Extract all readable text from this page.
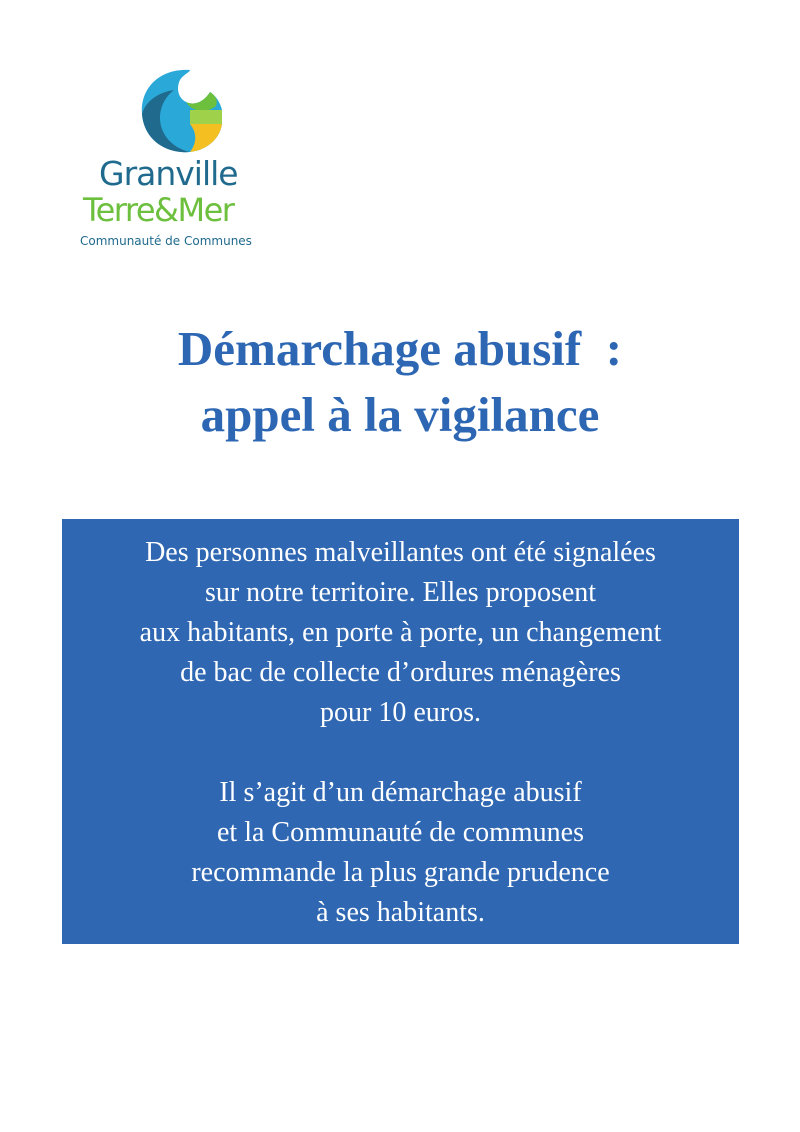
Granville
Terre&Mer
Communauté de Communes
Démarchage abusif  :
appel à la vigilance
Des personnes malveillantes ont été signalées
sur notre territoire. Elles proposent
aux habitants, en porte à porte, un changement
de bac de collecte d’ordures ménagères
pour 10 euros.
Il s’agit d’un démarchage abusif
et la Communauté de communes
recommande la plus grande prudence
à ses habitants.
